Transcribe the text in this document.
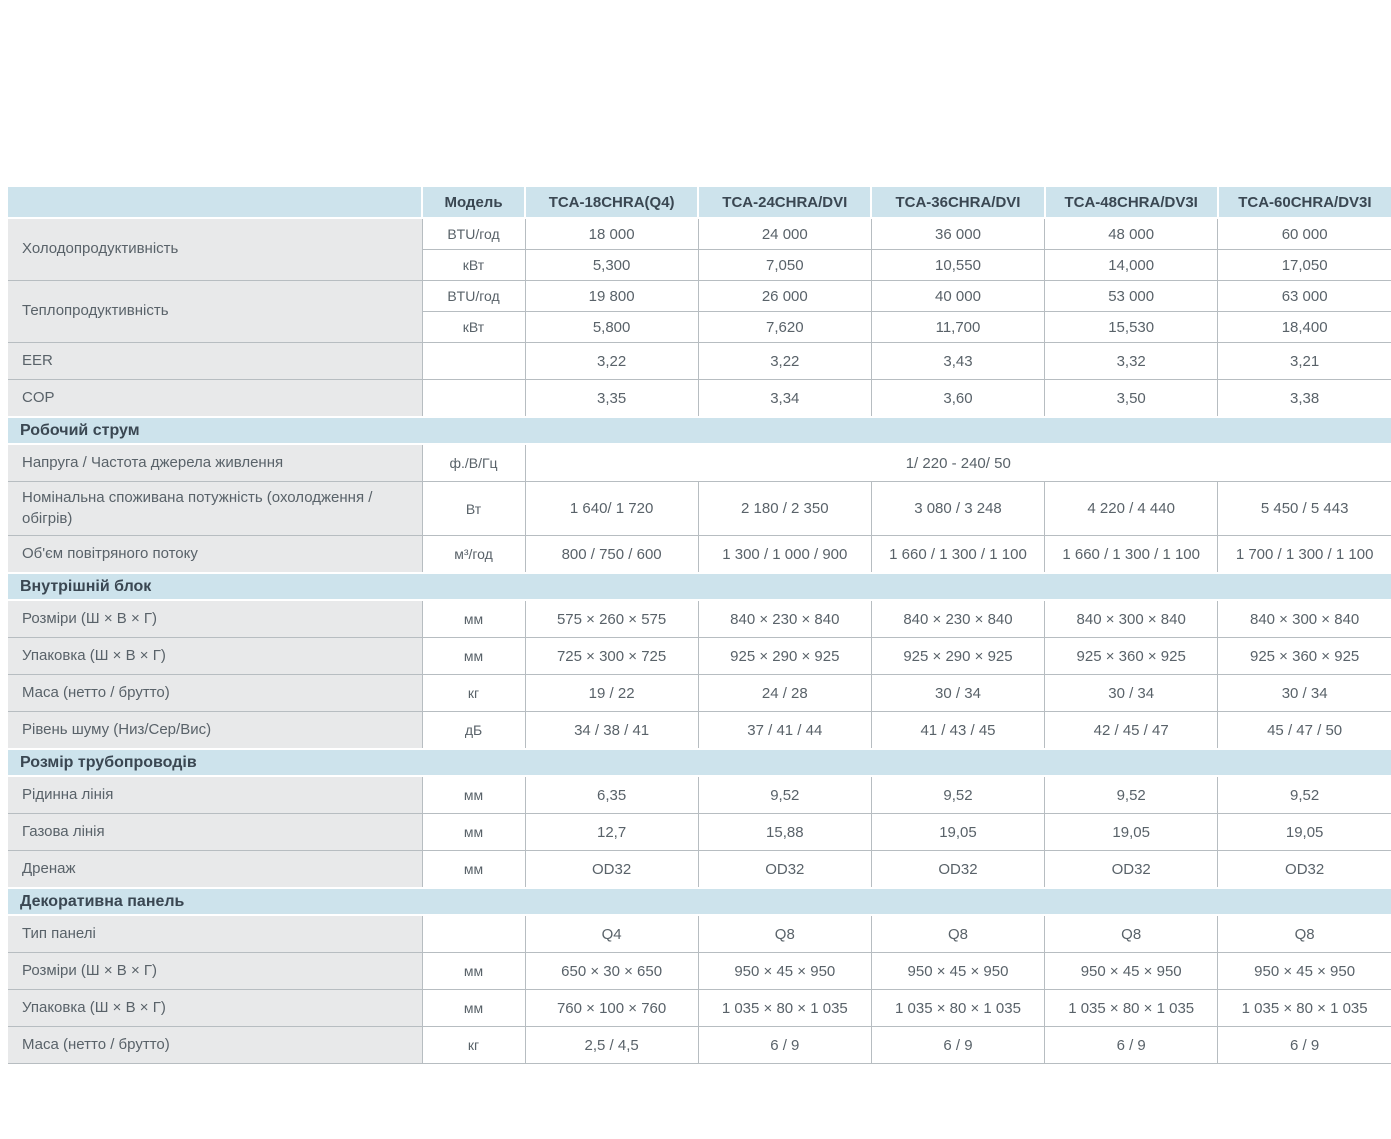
	Модель	TCA-18CHRA(Q4)	TCA-24CHRA/DVI	TCA-36CHRA/DVI	TCA-48CHRA/DV3I	TCA-60CHRA/DV3I
Холодопродуктивність	BTU/год	18 000	24 000	36 000	48 000	60 000
	кВт	5,300	7,050	10,550	14,000	17,050
Теплопродуктивність	BTU/год	19 800	26 000	40 000	53 000	63 000
	кВт	5,800	7,620	11,700	15,530	18,400
EER		3,22	3,22	3,43	3,32	3,21
COP		3,35	3,34	3,60	3,50	3,38
Робочий струм						
Напруга / Частота джерела живлення	ф./В/Гц	1/ 220 - 240/ 50				
Номінальна споживана потужність (охолодження / обігрів)	Вт	1 640/ 1 720	2 180 / 2 350	3 080 / 3 248	4 220 / 4 440	5 450 / 5 443
Об'єм повітряного потоку	м³/год	800 / 750 / 600	1 300 / 1 000 / 900	1 660 / 1 300 / 1 100	1 660 / 1 300 / 1 100	1 700 / 1 300 / 1 100
Внутрішній блок						
Розміри (Ш × В × Г)	мм	575 × 260 × 575	840 × 230 × 840	840 × 230 × 840	840 × 300 × 840	840 × 300 × 840
Упаковка (Ш × В × Г)	мм	725 × 300 × 725	925 × 290 × 925	925 × 290 × 925	925 × 360 × 925	925 × 360 × 925
Маса (нетто / брутто)	кг	19 / 22	24 / 28	30 / 34	30 / 34	30 / 34
Рівень шуму (Низ/Сер/Вис)	дБ	34 / 38 / 41	37 / 41 / 44	41 / 43 / 45	42 / 45 / 47	45 / 47 / 50
Розмір трубопроводів						
Рідинна лінія	мм	6,35	9,52	9,52	9,52	9,52
Газова лінія	мм	12,7	15,88	19,05	19,05	19,05
Дренаж	мм	OD32	OD32	OD32	OD32	OD32
Декоративна панель						
Тип панелі		Q4	Q8	Q8	Q8	Q8
Розміри (Ш × В × Г)	мм	650 × 30 × 650	950 × 45 × 950	950 × 45 × 950	950 × 45 × 950	950 × 45 × 950
Упаковка (Ш × В × Г)	мм	760 × 100 × 760	1 035 × 80 × 1 035	1 035 × 80 × 1 035	1 035 × 80 × 1 035	1 035 × 80 × 1 035
Маса (нетто / брутто)	кг	2,5 / 4,5	6 / 9	6 / 9	6 / 9	6 / 9
